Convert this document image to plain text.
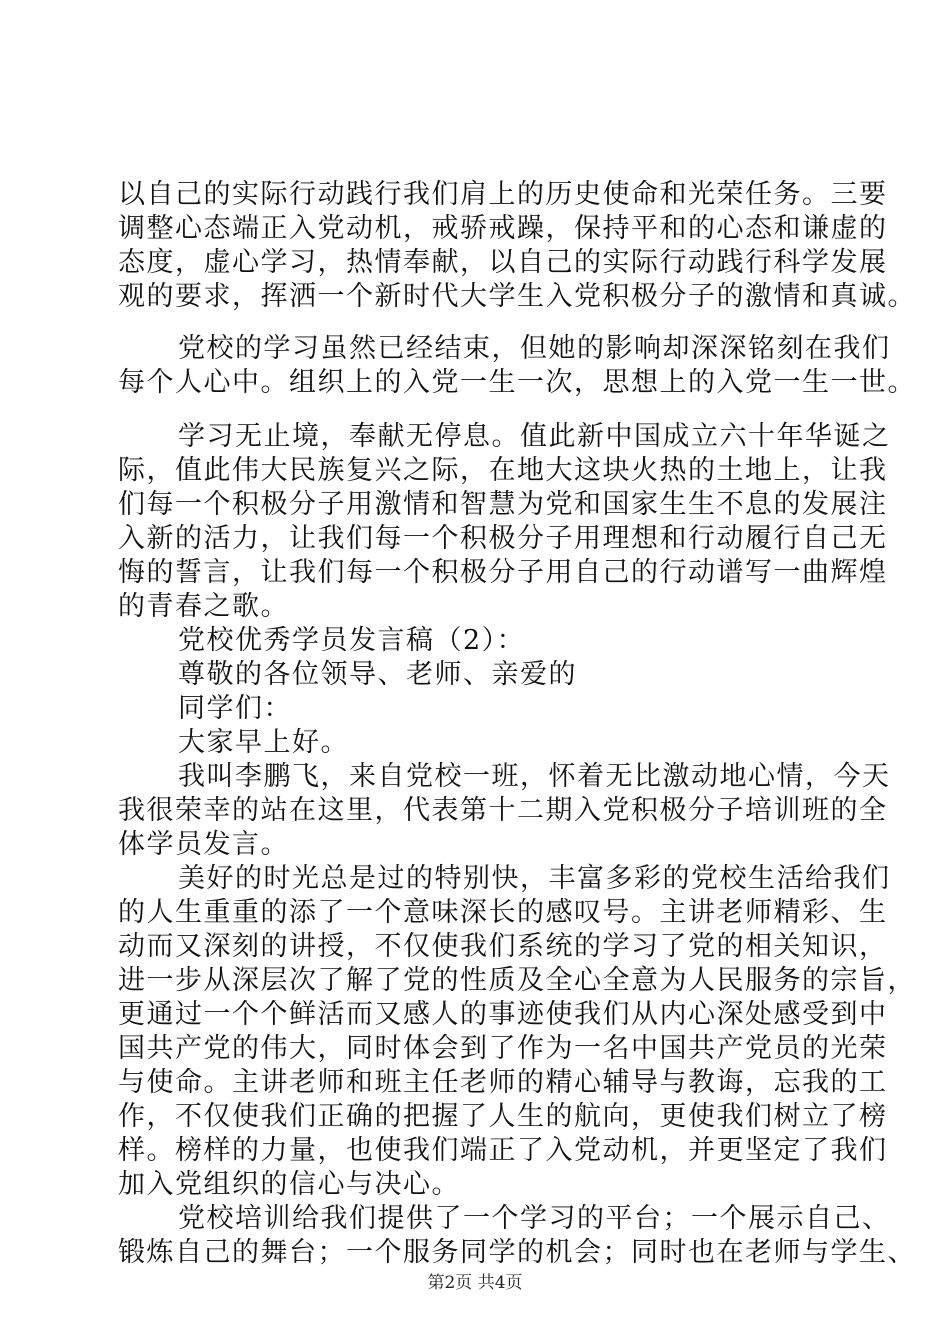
以自己的实际行动践行我们肩上的历史使命和光荣任务。三要
调整心态端正入党动机，戒骄戒躁，保持平和的心态和谦虚的
态度，虚心学习，热情奉献，以自己的实际行动践行科学发展
观的要求，挥洒一个新时代大学生入党积极分子的激情和真诚。
党校的学习虽然已经结束，但她的影响却深深铭刻在我们
每个人心中。组织上的入党一生一次，思想上的入党一生一世。
学习无止境，奉献无停息。值此新中国成立六十年华诞之
际，值此伟大民族复兴之际，在地大这块火热的土地上，让我
们每一个积极分子用激情和智慧为党和国家生生不息的发展注
入新的活力，让我们每一个积极分子用理想和行动履行自己无
悔的誓言，让我们每一个积极分子用自己的行动谱写一曲辉煌
的青春之歌。
党校优秀学员发言稿（2）：
尊敬的各位领导、老师、亲爱的
同学们：
大家早上好。
我叫李鹏飞，来自党校一班，怀着无比激动地心情，今天
我很荣幸的站在这里，代表第十二期入党积极分子培训班的全
体学员发言。
美好的时光总是过的特别快，丰富多彩的党校生活给我们
的人生重重的添了一个意味深长的感叹号。主讲老师精彩、生
动而又深刻的讲授，不仅使我们系统的学习了党的相关知识，
进一步从深层次了解了党的性质及全心全意为人民服务的宗旨，
更通过一个个鲜活而又感人的事迹使我们从内心深处感受到中
国共产党的伟大，同时体会到了作为一名中国共产党员的光荣
与使命。主讲老师和班主任老师的精心辅导与教诲，忘我的工
作，不仅使我们正确的把握了人生的航向，更使我们树立了榜
样。榜样的力量，也使我们端正了入党动机，并更坚定了我们
加入党组织的信心与决心。
党校培训给我们提供了一个学习的平台；一个展示自己、
锻炼自己的舞台；一个服务同学的机会；同时也在老师与学生、
第2页 共4页
